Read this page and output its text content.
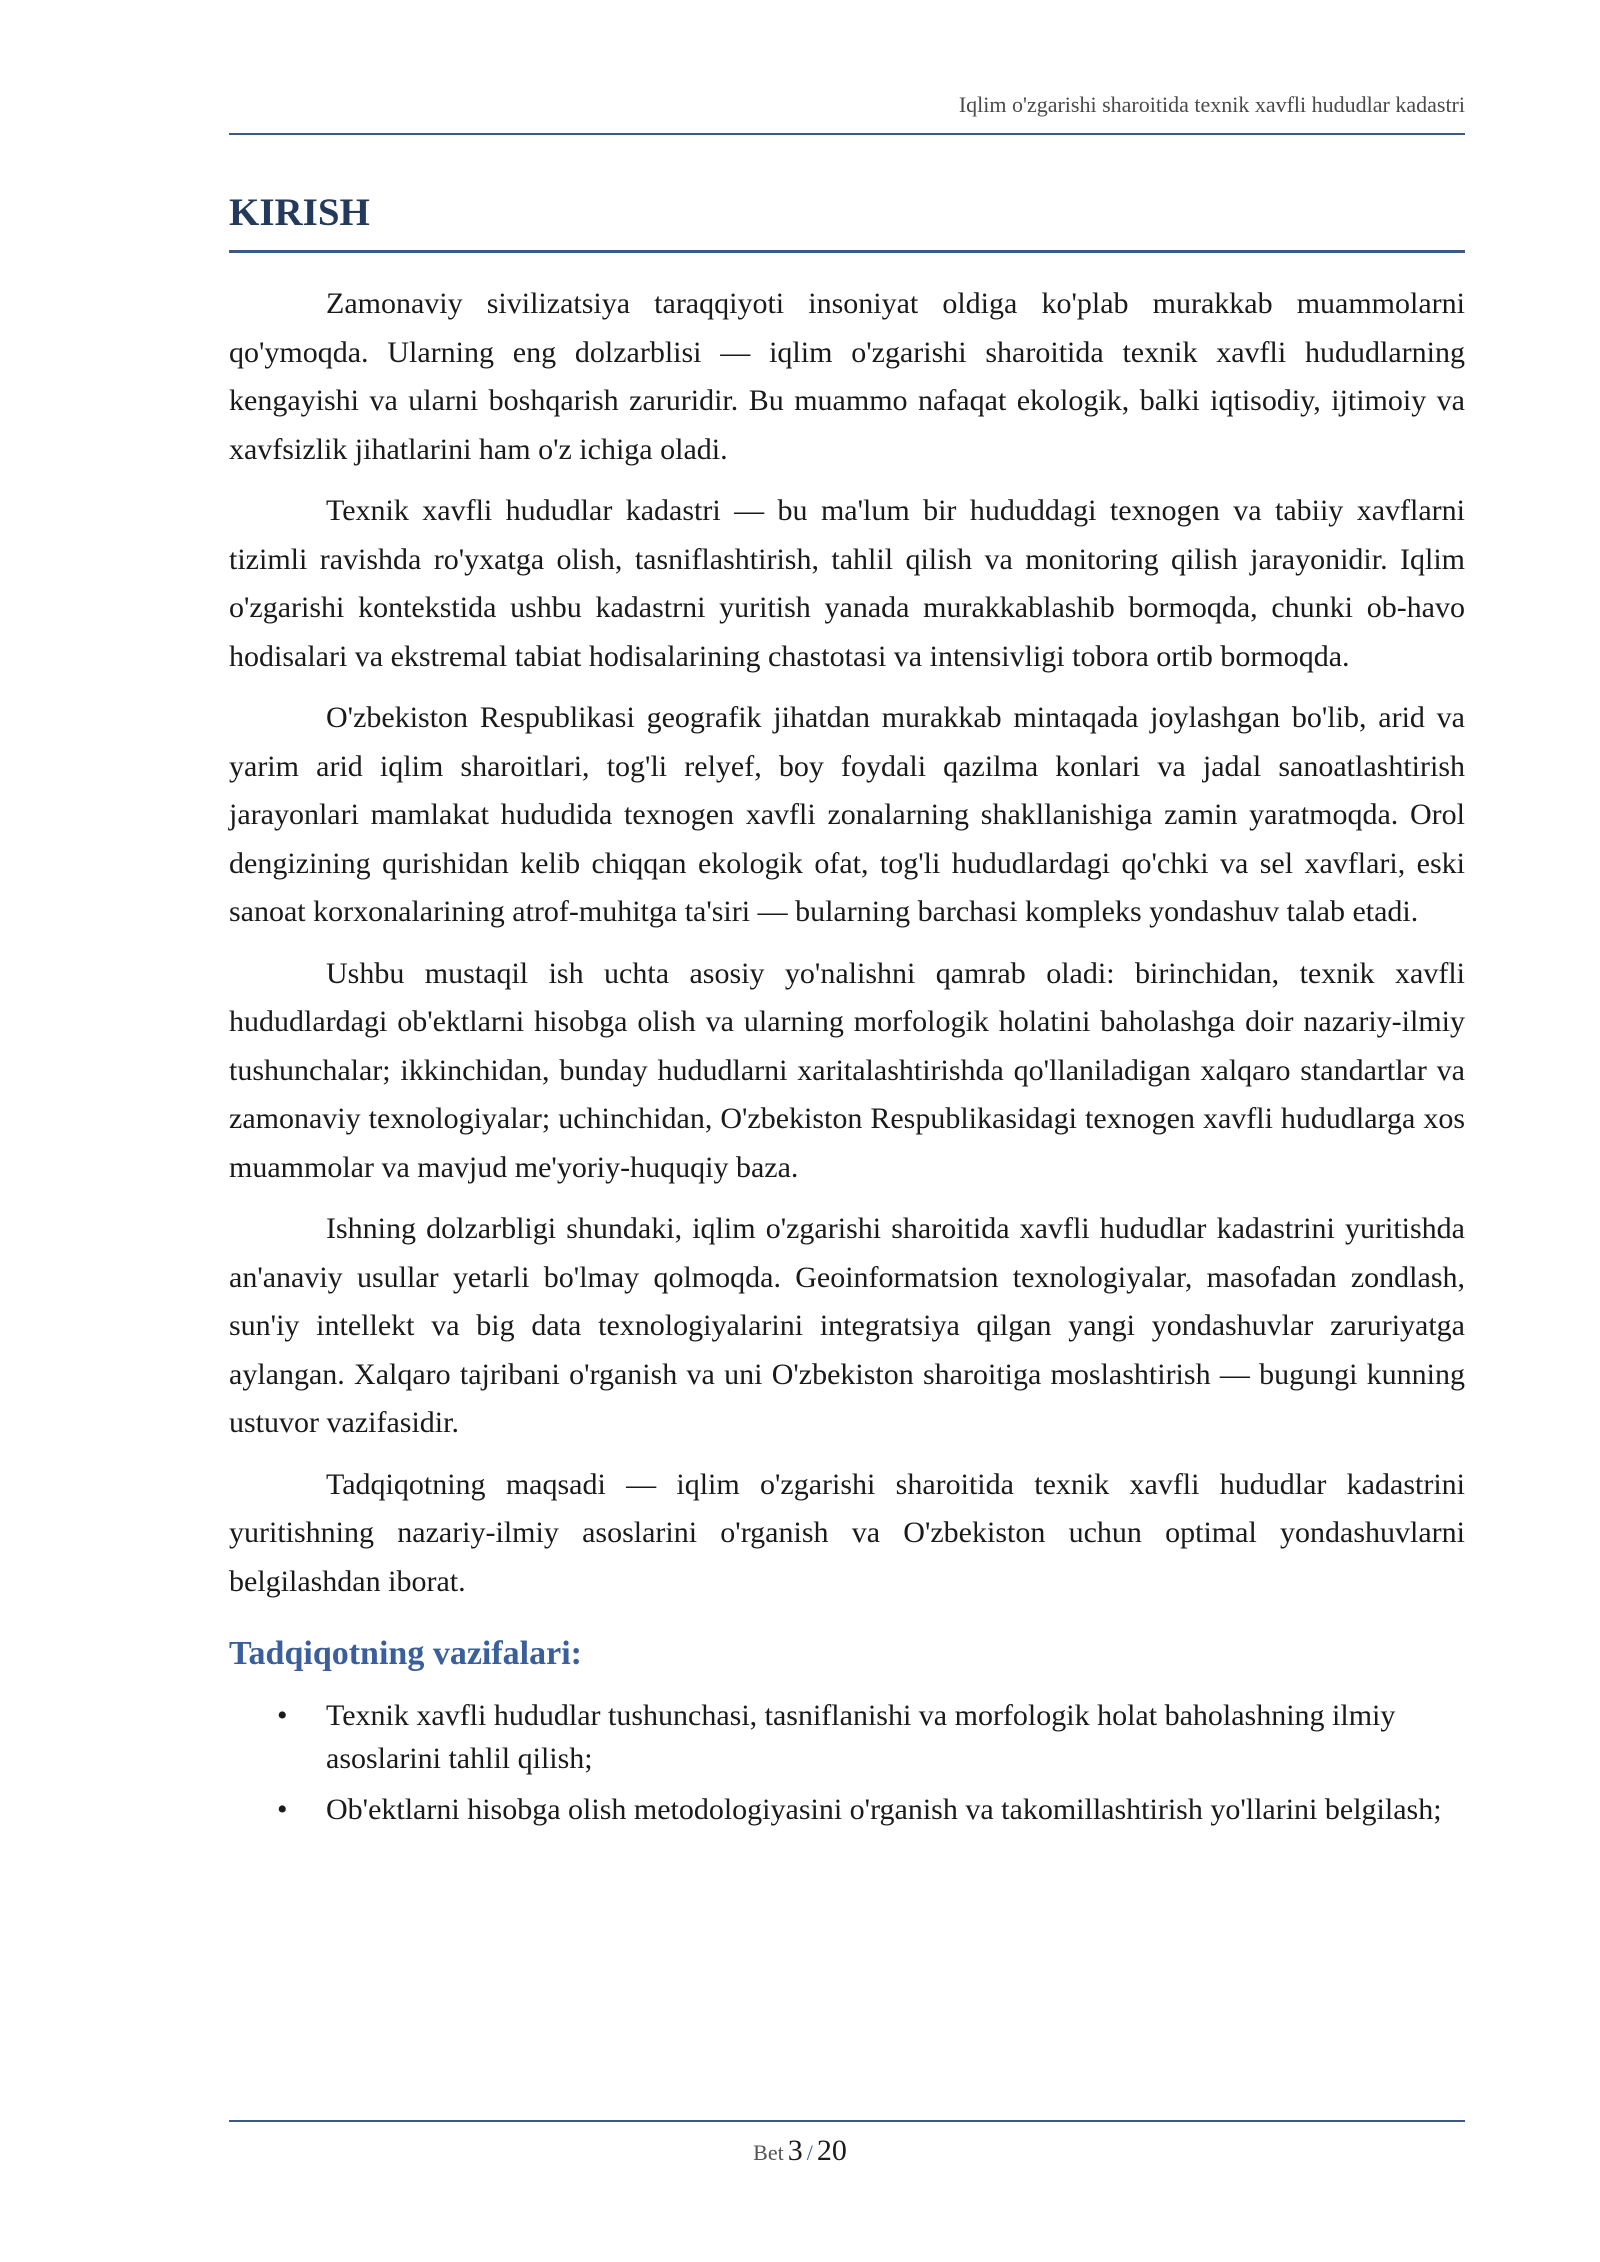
Iqlim o'zgarishi sharoitida texnik xavfli hududlar kadastri
KIRISH

Zamonaviy sivilizatsiya taraqqiyoti insoniyat oldiga ko'plab murakkab muammolarni qo'ymoqda. Ularning eng dolzarblisi — iqlim o'zgarishi sharoitida texnik xavfli hududlarning kengayishi va ularni boshqarish zaruridir. Bu muammo nafaqat ekologik, balki iqtisodiy, ijtimoiy va xavfsizlik jihatlarini ham o'z ichiga oladi.

Texnik xavfli hududlar kadastri — bu ma'lum bir hududdagi texnogen va tabiiy xavflarni tizimli ravishda ro'yxatga olish, tasniflashtirish, tahlil qilish va monitoring qilish jarayonidir. Iqlim o'zgarishi kontekstida ushbu kadastrni yuritish yanada murakkablashib bormoqda, chunki ob-havo hodisalari va ekstremal tabiat hodisalarining chastotasi va intensivligi tobora ortib bormoqda.

O'zbekiston Respublikasi geografik jihatdan murakkab mintaqada joylashgan bo'lib, arid va yarim arid iqlim sharoitlari, tog'li relyef, boy foydali qazilma konlari va jadal sanoatlashtirish jarayonlari mamlakat hududida texnogen xavfli zonalarning shakllanishiga zamin yaratmoqda. Orol dengizining qurishidan kelib chiqqan ekologik ofat, tog'li hududlardagi qo'chki va sel xavflari, eski sanoat korxonalarining atrof-muhitga ta'siri — bularning barchasi kompleks yondashuv talab etadi.

Ushbu mustaqil ish uchta asosiy yo'nalishni qamrab oladi: birinchidan, texnik xavfli hududlardagi ob'ektlarni hisobga olish va ularning morfologik holatini baholashga doir nazariy-ilmiy tushunchalar; ikkinchidan, bunday hududlarni xaritalashtirishda qo'llaniladigan xalqaro standartlar va zamonaviy texnologiyalar; uchinchidan, O'zbekiston Respublikasidagi texnogen xavfli hududlarga xos muammolar va mavjud me'yoriy-huquqiy baza.

Ishning dolzarbligi shundaki, iqlim o'zgarishi sharoitida xavfli hududlar kadastrini yuritishda an'anaviy usullar yetarli bo'lmay qolmoqda. Geoinformatsion texnologiyalar, masofadan zondlash, sun'iy intellekt va big data texnologiyalarini integratsiya qilgan yangi yondashuvlar zaruriyatga aylangan. Xalqaro tajribani o'rganish va uni O'zbekiston sharoitiga moslashtirish — bugungi kunning ustuvor vazifasidir.

Tadqiqotning maqsadi — iqlim o'zgarishi sharoitida texnik xavfli hududlar kadastrini yuritishning nazariy-ilmiy asoslarini o'rganish va O'zbekiston uchun optimal yondashuvlarni belgilashdan iborat.

Tadqiqotning vazifalari:
• Texnik xavfli hududlar tushunchasi, tasniflanishi va morfologik holat baholashning ilmiy asoslarini tahlil qilish;
• Ob'ektlarni hisobga olish metodologiyasini o'rganish va takomillashtirish yo'llarini belgilash;
Bet 3 / 20
